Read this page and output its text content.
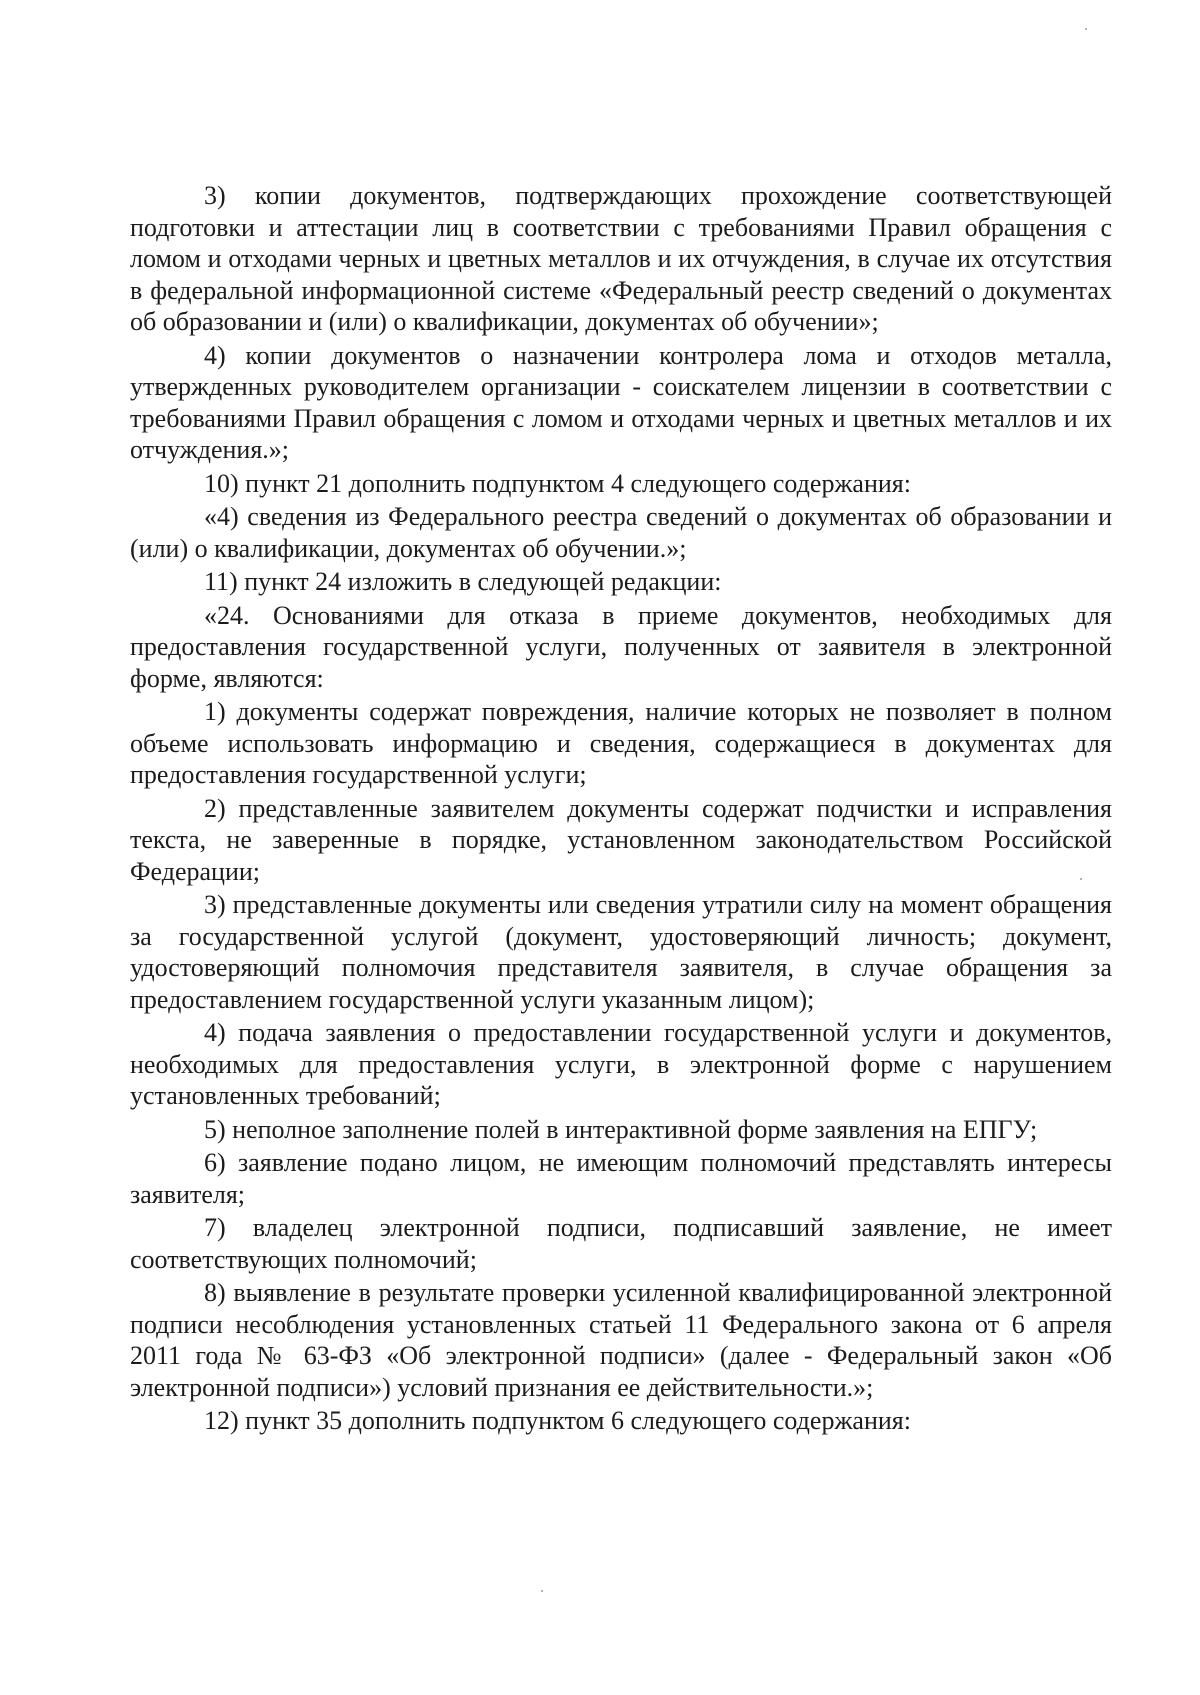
3) копии документов, подтверждающих прохождение соответствующей подготовки и аттестации лиц в соответствии с требованиями Правил обращения с ломом и отходами черных и цветных металлов и их отчуждения, в случае их отсутствия в федеральной информационной системе «Федеральный реестр сведений о документах об образовании и (или) о квалификации, документах об обучении»;

4) копии документов о назначении контролера лома и отходов металла, утвержденных руководителем организации - соискателем лицензии в соответствии с требованиями Правил обращения с ломом и отходами черных и цветных металлов и их отчуждения.»;

10) пункт 21 дополнить подпунктом 4 следующего содержания:

«4) сведения из Федерального реестра сведений о документах об образовании и (или) о квалификации, документах об обучении.»;

11) пункт 24 изложить в следующей редакции:

«24. Основаниями для отказа в приеме документов, необходимых для предоставления государственной услуги, полученных от заявителя в электронной форме, являются:

1) документы содержат повреждения, наличие которых не позволяет в полном объеме использовать информацию и сведения, содержащиеся в документах для предоставления государственной услуги;

2) представленные заявителем документы содержат подчистки и исправления текста, не заверенные в порядке, установленном законодательством Российской Федерации;

3) представленные документы или сведения утратили силу на момент обращения за государственной услугой (документ, удостоверяющий личность; документ, удостоверяющий полномочия представителя заявителя, в случае обращения за предоставлением государственной услуги указанным лицом);

4) подача заявления о предоставлении государственной услуги и документов, необходимых для предоставления услуги, в электронной форме с нарушением установленных требований;

5) неполное заполнение полей в интерактивной форме заявления на ЕПГУ;

6) заявление подано лицом, не имеющим полномочий представлять интересы заявителя;

7) владелец электронной подписи, подписавший заявление, не имеет соответствующих полномочий;

8) выявление в результате проверки усиленной квалифицированной электронной подписи несоблюдения установленных статьей 11 Федерального закона от 6 апреля 2011 года № 63-ФЗ «Об электронной подписи» (далее - Федеральный закон «Об электронной подписи») условий признания ее действительности.»;

12) пункт 35 дополнить подпунктом 6 следующего содержания:
